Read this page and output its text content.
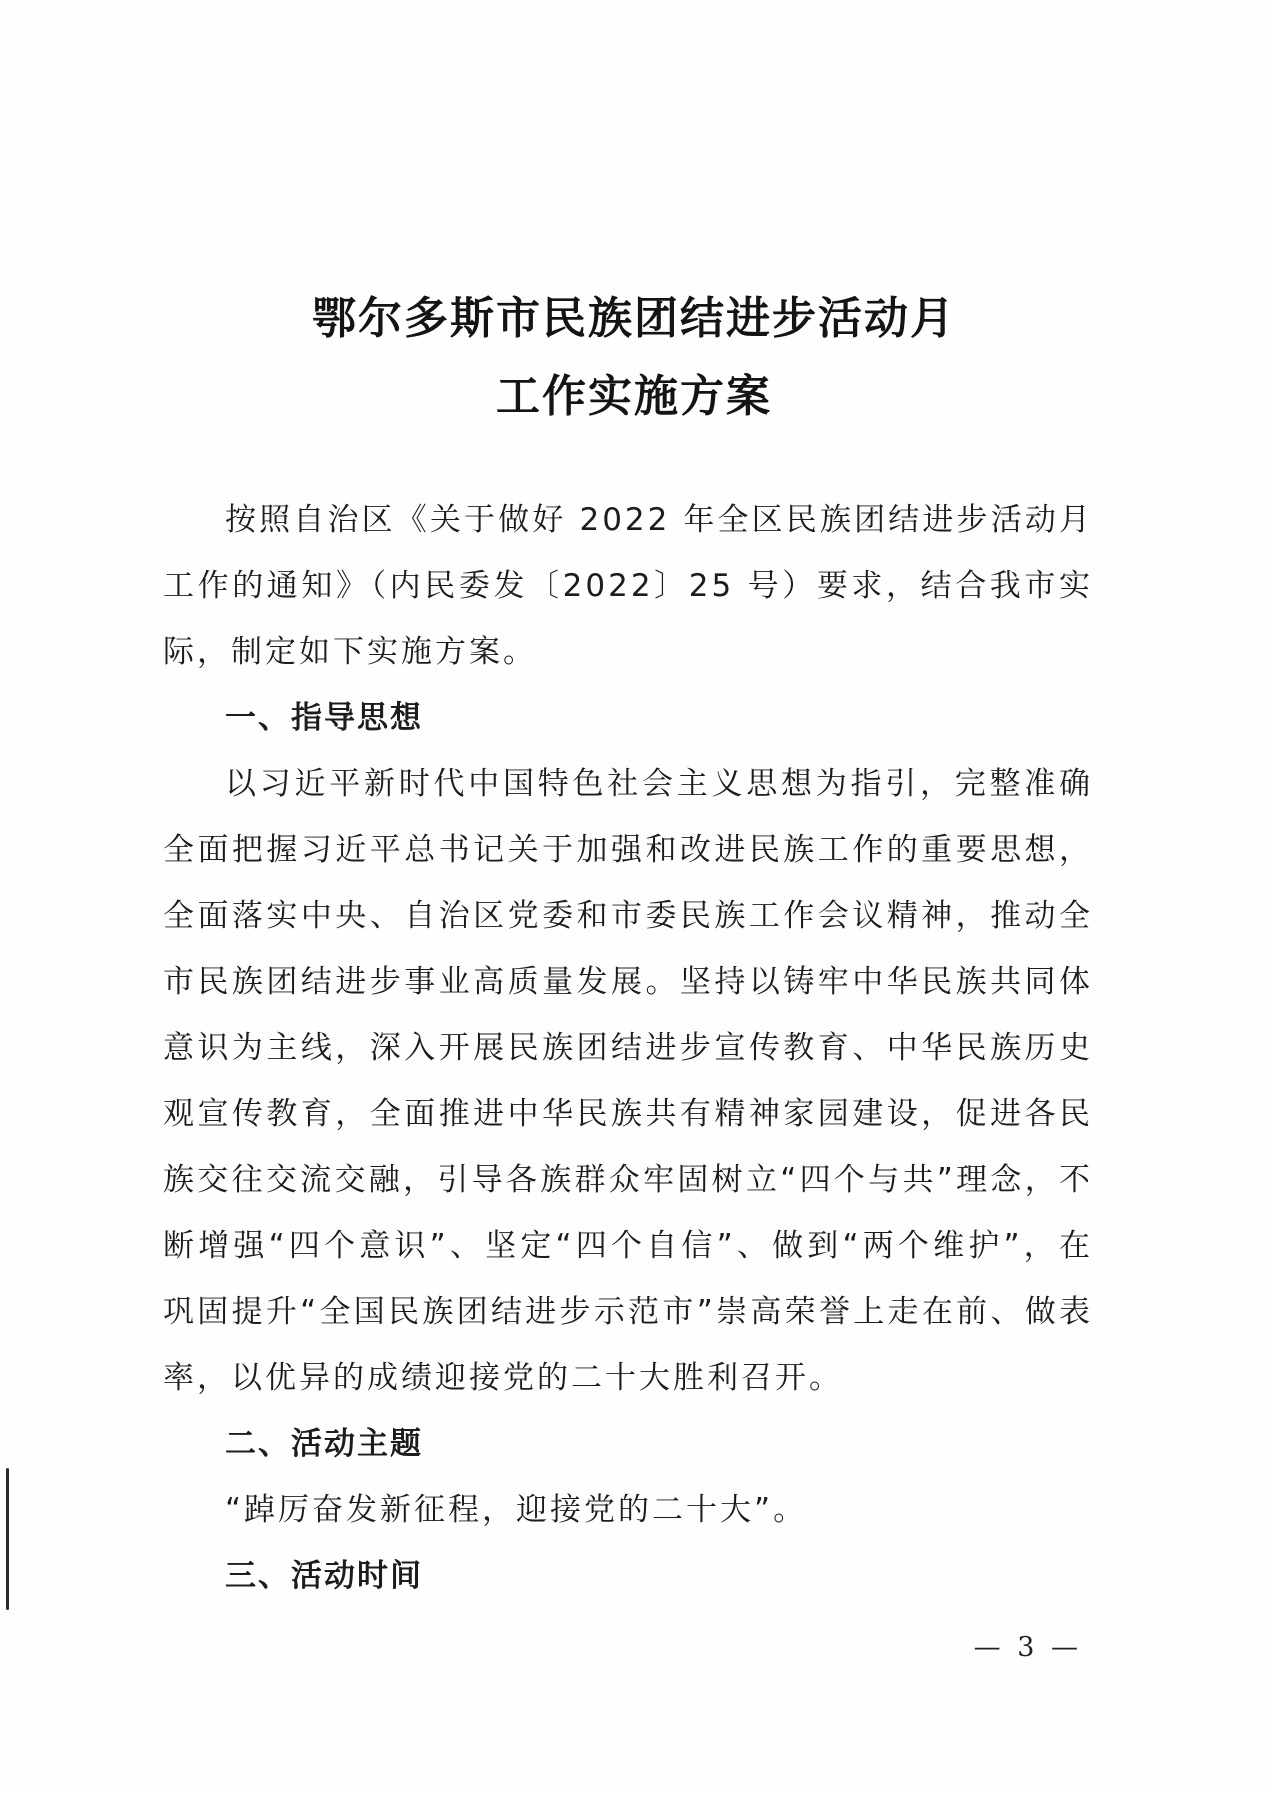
鄂尔多斯市民族团结进步活动月
工作实施方案

按照自治区《关于做好 2022 年全区民族团结进步活动月工作的通知》（内民委发〔2022〕25 号）要求，结合我市实际，制定如下实施方案。

一、指导思想

以习近平新时代中国特色社会主义思想为指引，完整准确全面把握习近平总书记关于加强和改进民族工作的重要思想，全面落实中央、自治区党委和市委民族工作会议精神，推动全市民族团结进步事业高质量发展。坚持以铸牢中华民族共同体意识为主线，深入开展民族团结进步宣传教育、中华民族历史观宣传教育，全面推进中华民族共有精神家园建设，促进各民族交往交流交融，引导各族群众牢固树立“四个与共”理念，不断增强“四个意识”、坚定“四个自信”、做到“两个维护”，在巩固提升“全国民族团结进步示范市”崇高荣誉上走在前、做表率，以优异的成绩迎接党的二十大胜利召开。

二、活动主题

“踔厉奋发新征程，迎接党的二十大”。

三、活动时间

— 3 —
